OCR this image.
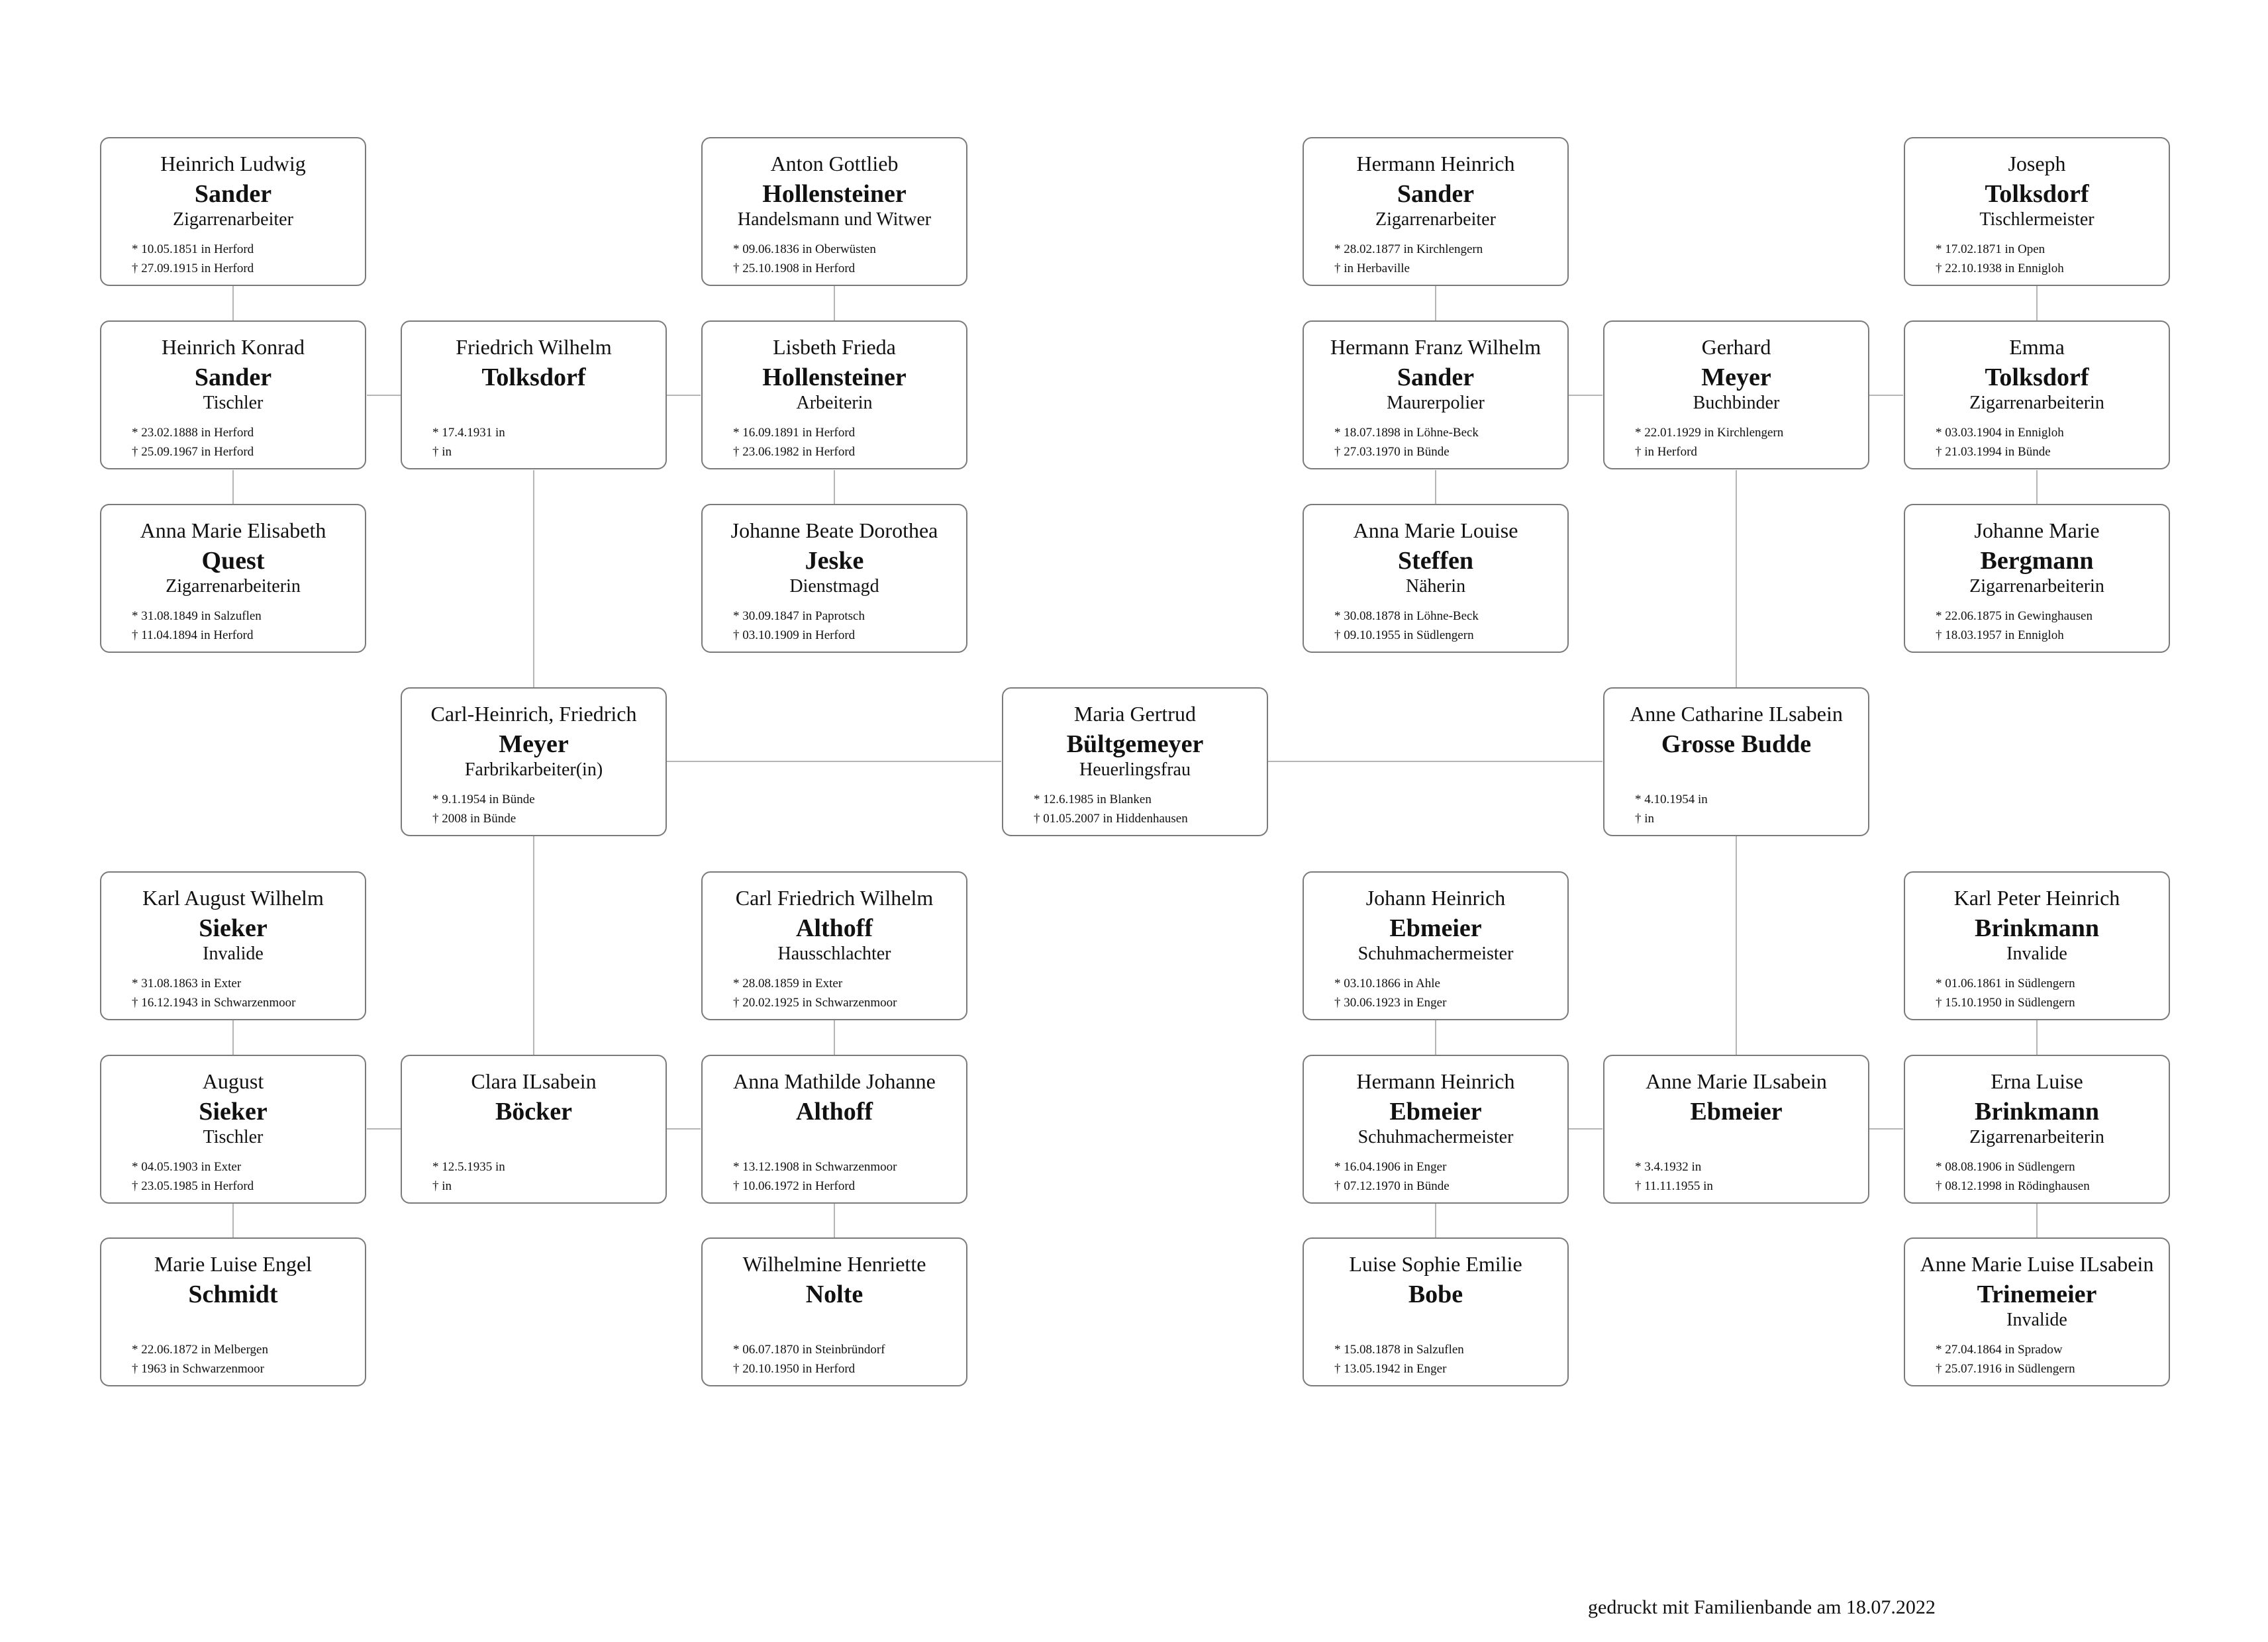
Heinrich Ludwig
Sander
Zigarrenarbeiter
* 10.05.1851 in Herford
† 27.09.1915 in Herford
Anton Gottlieb
Hollensteiner
Handelsmann und Witwer
* 09.06.1836 in Oberwüsten
† 25.10.1908 in Herford
Hermann Heinrich
Sander
Zigarrenarbeiter
* 28.02.1877 in Kirchlengern
† in Herbaville
Joseph
Tolksdorf
Tischlermeister
* 17.02.1871 in Open
† 22.10.1938 in Ennigloh
Heinrich Konrad
Sander
Tischler
* 23.02.1888 in Herford
† 25.09.1967 in Herford
Friedrich Wilhelm
Tolksdorf
* 17.4.1931 in
† in
Lisbeth Frieda
Hollensteiner
Arbeiterin
* 16.09.1891 in Herford
† 23.06.1982 in Herford
Hermann Franz Wilhelm
Sander
Maurerpolier
* 18.07.1898 in Löhne-Beck
† 27.03.1970 in Bünde
Gerhard
Meyer
Buchbinder
* 22.01.1929 in Kirchlengern
† in Herford
Emma
Tolksdorf
Zigarrenarbeiterin
* 03.03.1904 in Ennigloh
† 21.03.1994 in Bünde
Anna Marie Elisabeth
Quest
Zigarrenarbeiterin
* 31.08.1849 in Salzuflen
† 11.04.1894 in Herford
Johanne Beate Dorothea
Jeske
Dienstmagd
* 30.09.1847 in Paprotsch
† 03.10.1909 in Herford
Anna Marie Louise
Steffen
Näherin
* 30.08.1878 in Löhne-Beck
† 09.10.1955 in Südlengern
Johanne Marie
Bergmann
Zigarrenarbeiterin
* 22.06.1875 in Gewinghausen
† 18.03.1957 in Ennigloh
Carl-Heinrich, Friedrich
Meyer
Farbrikarbeiter(in)
* 9.1.1954 in Bünde
† 2008 in Bünde
Maria Gertrud
Bültgemeyer
Heuerlingsfrau
* 12.6.1985 in Blanken
† 01.05.2007 in Hiddenhausen
Anne Catharine ILsabein
Grosse Budde
* 4.10.1954 in
† in
Karl August Wilhelm
Sieker
Invalide
* 31.08.1863 in Exter
† 16.12.1943 in Schwarzenmoor
Carl Friedrich Wilhelm
Althoff
Hausschlachter
* 28.08.1859 in Exter
† 20.02.1925 in Schwarzenmoor
Johann Heinrich
Ebmeier
Schuhmachermeister
* 03.10.1866 in Ahle
† 30.06.1923 in Enger
Karl Peter Heinrich
Brinkmann
Invalide
* 01.06.1861 in Südlengern
† 15.10.1950 in Südlengern
August
Sieker
Tischler
* 04.05.1903 in Exter
† 23.05.1985 in Herford
Clara ILsabein
Böcker
* 12.5.1935 in
† in
Anna Mathilde Johanne
Althoff
* 13.12.1908 in Schwarzenmoor
† 10.06.1972 in Herford
Hermann Heinrich
Ebmeier
Schuhmachermeister
* 16.04.1906 in Enger
† 07.12.1970 in Bünde
Anne Marie ILsabein
Ebmeier
* 3.4.1932 in
† 11.11.1955 in
Erna Luise
Brinkmann
Zigarrenarbeiterin
* 08.08.1906 in Südlengern
† 08.12.1998 in Rödinghausen
Marie Luise Engel
Schmidt
* 22.06.1872 in Melbergen
† 1963 in Schwarzenmoor
Wilhelmine Henriette
Nolte
* 06.07.1870 in Steinbründorf
† 20.10.1950 in Herford
Luise Sophie Emilie
Bobe
* 15.08.1878 in Salzuflen
† 13.05.1942 in Enger
Anne Marie Luise ILsabein
Trinemeier
Invalide
* 27.04.1864 in Spradow
† 25.07.1916 in Südlengern
gedruckt mit Familienbande am 18.07.2022
